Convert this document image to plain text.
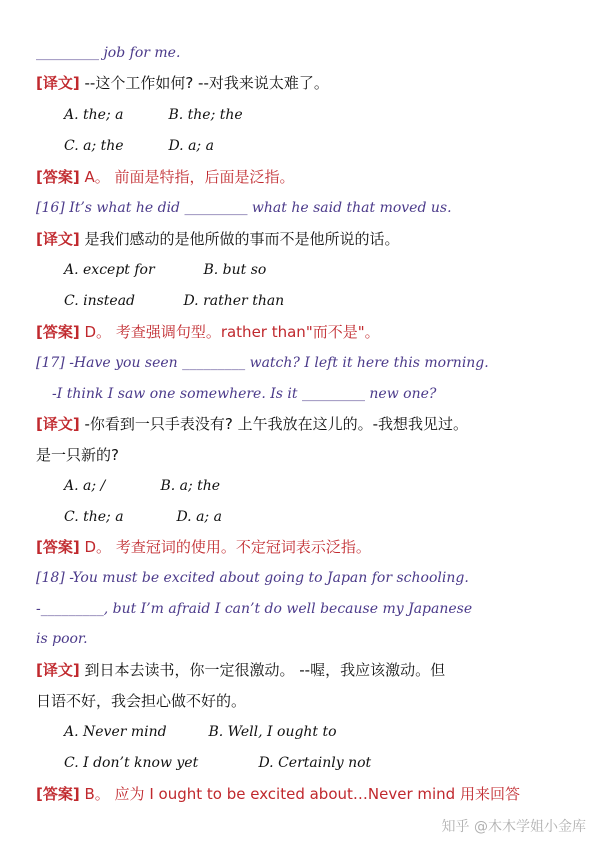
_________ job for me.
[译文] --这个工作如何? --对我来说太难了。
A. the; a	B. the; the
C. a; the	D. a; a
[答案] A。 前面是特指，后面是泛指。
[16] It’s what he did _________ what he said that moved us.
[译文] 是我们感动的是他所做的事而不是他所说的话。
A. except for	B. but so
C. instead	D. rather than
[答案] D。 考查强调句型。rather than"而不是"。
[17] -Have you seen _________ watch? I left it here this morning.
-I think I saw one somewhere. Is it _________ new one?
[译文] -你看到一只手表没有? 上午我放在这儿的。-我想我见过。
是一只新的?
A. a; /	B. a; the
C. the; a	D. a; a
[答案] D。 考查冠词的使用。不定冠词表示泛指。
[18] -You must be excited about going to Japan for schooling.
-_________, but I’m afraid I can’t do well because my Japanese
is poor.
[译文] 到日本去读书，你一定很激动。 --喔，我应该激动。但
日语不好，我会担心做不好的。
A. Never mind	B. Well, I ought to
C. I don’t know yet	D. Certainly not
[答案] B。 应为 I ought to be excited about…Never mind 用来回答
知乎 @木木学姐小金库
